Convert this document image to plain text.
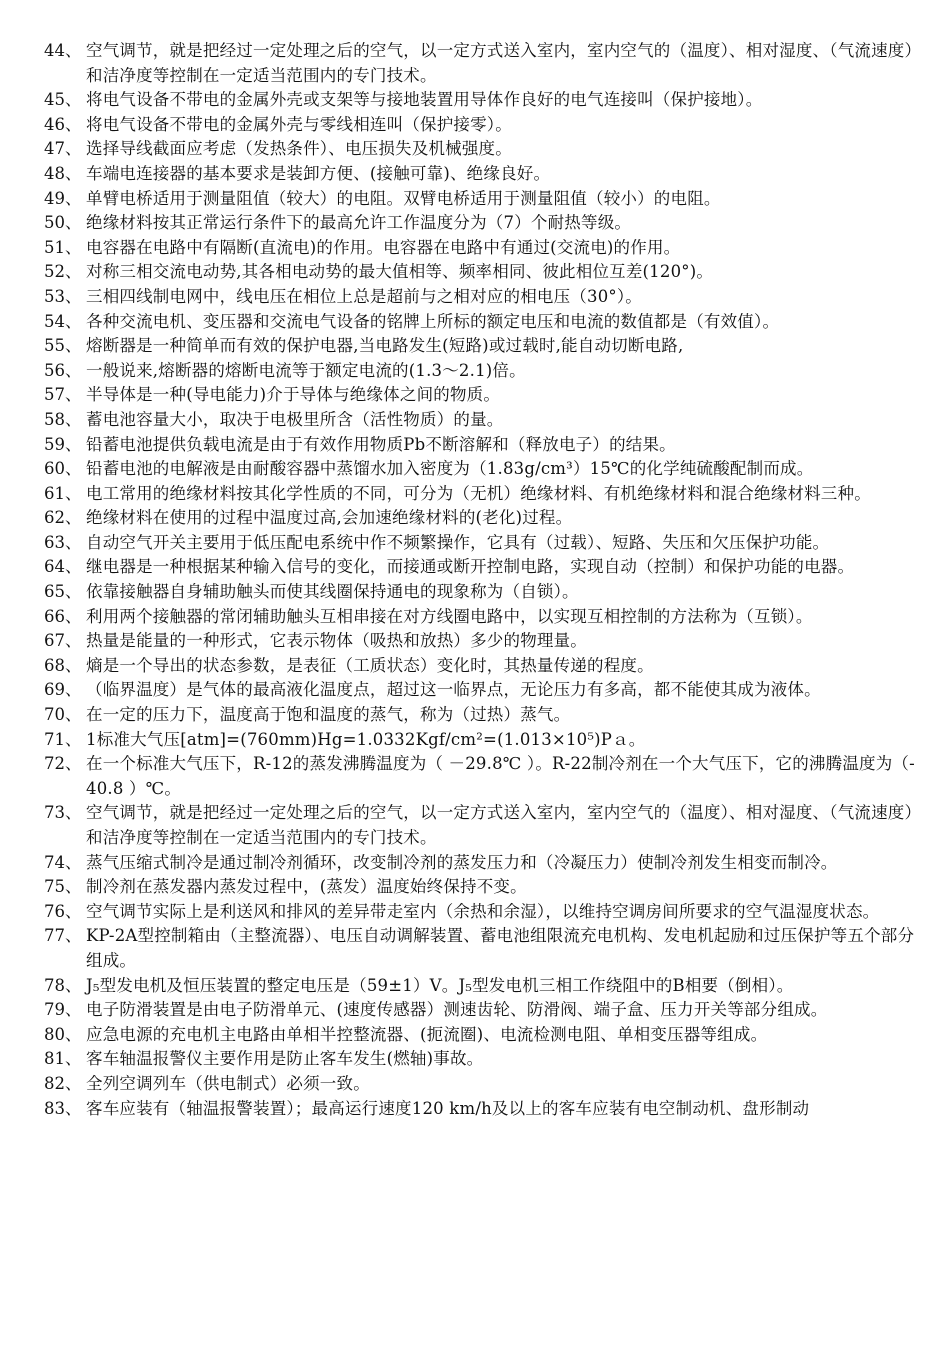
44、 空气调节，就是把经过一定处理之后的空气，以一定方式送入室内，室内空气的（温度）、相对湿度、（气流速度）和洁净度等控制在一定适当范围内的专门技术。
45、 将电气设备不带电的金属外壳或支架等与接地装置用导体作良好的电气连接叫（保护接地）。
46、 将电气设备不带电的金属外壳与零线相连叫（保护接零）。
47、 选择导线截面应考虑（发热条件）、电压损失及机械强度。
48、 车端电连接器的基本要求是装卸方便、(接触可靠)、绝缘良好。
49、 单臂电桥适用于测量阻值（较大）的电阻。双臂电桥适用于测量阻值（较小）的电阻。
50、 绝缘材料按其正常运行条件下的最高允许工作温度分为（7）个耐热等级。
51、 电容器在电路中有隔断(直流电)的作用。电容器在电路中有通过(交流电)的作用。
52、 对称三相交流电动势,其各相电动势的最大值相等、频率相同、彼此相位互差(120°)。
53、 三相四线制电网中，线电压在相位上总是超前与之相对应的相电压（30°）。
54、 各种交流电机、变压器和交流电气设备的铭牌上所标的额定电压和电流的数值都是（有效值）。
55、 熔断器是一种简单而有效的保护电器,当电路发生(短路)或过载时,能自动切断电路,
56、 一般说来,熔断器的熔断电流等于额定电流的(1.3～2.1)倍。
57、 半导体是一种(导电能力)介于导体与绝缘体之间的物质。
58、 蓄电池容量大小，取决于电极里所含（活性物质）的量。
59、 铅蓄电池提供负载电流是由于有效作用物质Pb不断溶解和（释放电子）的结果。
60、 铅蓄电池的电解液是由耐酸容器中蒸馏水加入密度为（1.83g/cm³）15℃的化学纯硫酸配制而成。
61、 电工常用的绝缘材料按其化学性质的不同，可分为（无机）绝缘材料、有机绝缘材料和混合绝缘材料三种。
62、 绝缘材料在使用的过程中温度过高,会加速绝缘材料的(老化)过程。
63、 自动空气开关主要用于低压配电系统中作不频繁操作，它具有（过载）、短路、失压和欠压保护功能。
64、 继电器是一种根据某种输入信号的变化，而接通或断开控制电路，实现自动（控制）和保护功能的电器。
65、 依靠接触器自身辅助触头而使其线圈保持通电的现象称为（自锁）。
66、 利用两个接触器的常闭辅助触头互相串接在对方线圈电路中，以实现互相控制的方法称为（互锁）。
67、 热量是能量的一种形式，它表示物体（吸热和放热）多少的物理量。
68、 熵是一个导出的状态参数，是表征（工质状态）变化时，其热量传递的程度。
69、 （临界温度）是气体的最高液化温度点，超过这一临界点，无论压力有多高，都不能使其成为液体。
70、 在一定的压力下，温度高于饱和温度的蒸气，称为（过热）蒸气。
71、 1标准大气压[atm]=(760mm)Hg=1.0332Kgf/cm²=(1.013×10⁵)Pａ。
72、 在一个标准大气压下，R-12的蒸发沸腾温度为（ －29.8℃ ）。R-22制冷剂在一个大气压下，它的沸腾温度为（-40.8 ）℃。
73、 空气调节，就是把经过一定处理之后的空气，以一定方式送入室内，室内空气的（温度）、相对湿度、（气流速度）和洁净度等控制在一定适当范围内的专门技术。
74、 蒸气压缩式制冷是通过制冷剂循环，改变制冷剂的蒸发压力和（冷凝压力）使制冷剂发生相变而制冷。
75、 制冷剂在蒸发器内蒸发过程中，(蒸发）温度始终保持不变。
76、 空气调节实际上是利送风和排风的差异带走室内（余热和余湿），以维持空调房间所要求的空气温湿度状态。
77、 KP-2A型控制箱由（主整流器）、电压自动调解装置、蓄电池组限流充电机构、发电机起励和过压保护等五个部分组成。
78、 J₅型发电机及恒压装置的整定电压是（59±1）V。J₅型发电机三相工作绕阻中的B相要（倒相）。
79、 电子防滑装置是由电子防滑单元、(速度传感器）测速齿轮、防滑阀、端子盒、压力开关等部分组成。
80、 应急电源的充电机主电路由单相半控整流器、(扼流圈)、电流检测电阻、单相变压器等组成。
81、 客车轴温报警仪主要作用是防止客车发生(燃轴)事故。
82、 全列空调列车（供电制式）必须一致。
83、 客车应装有（轴温报警装置）；最高运行速度120 km/h及以上的客车应装有电空制动机、盘形制动
